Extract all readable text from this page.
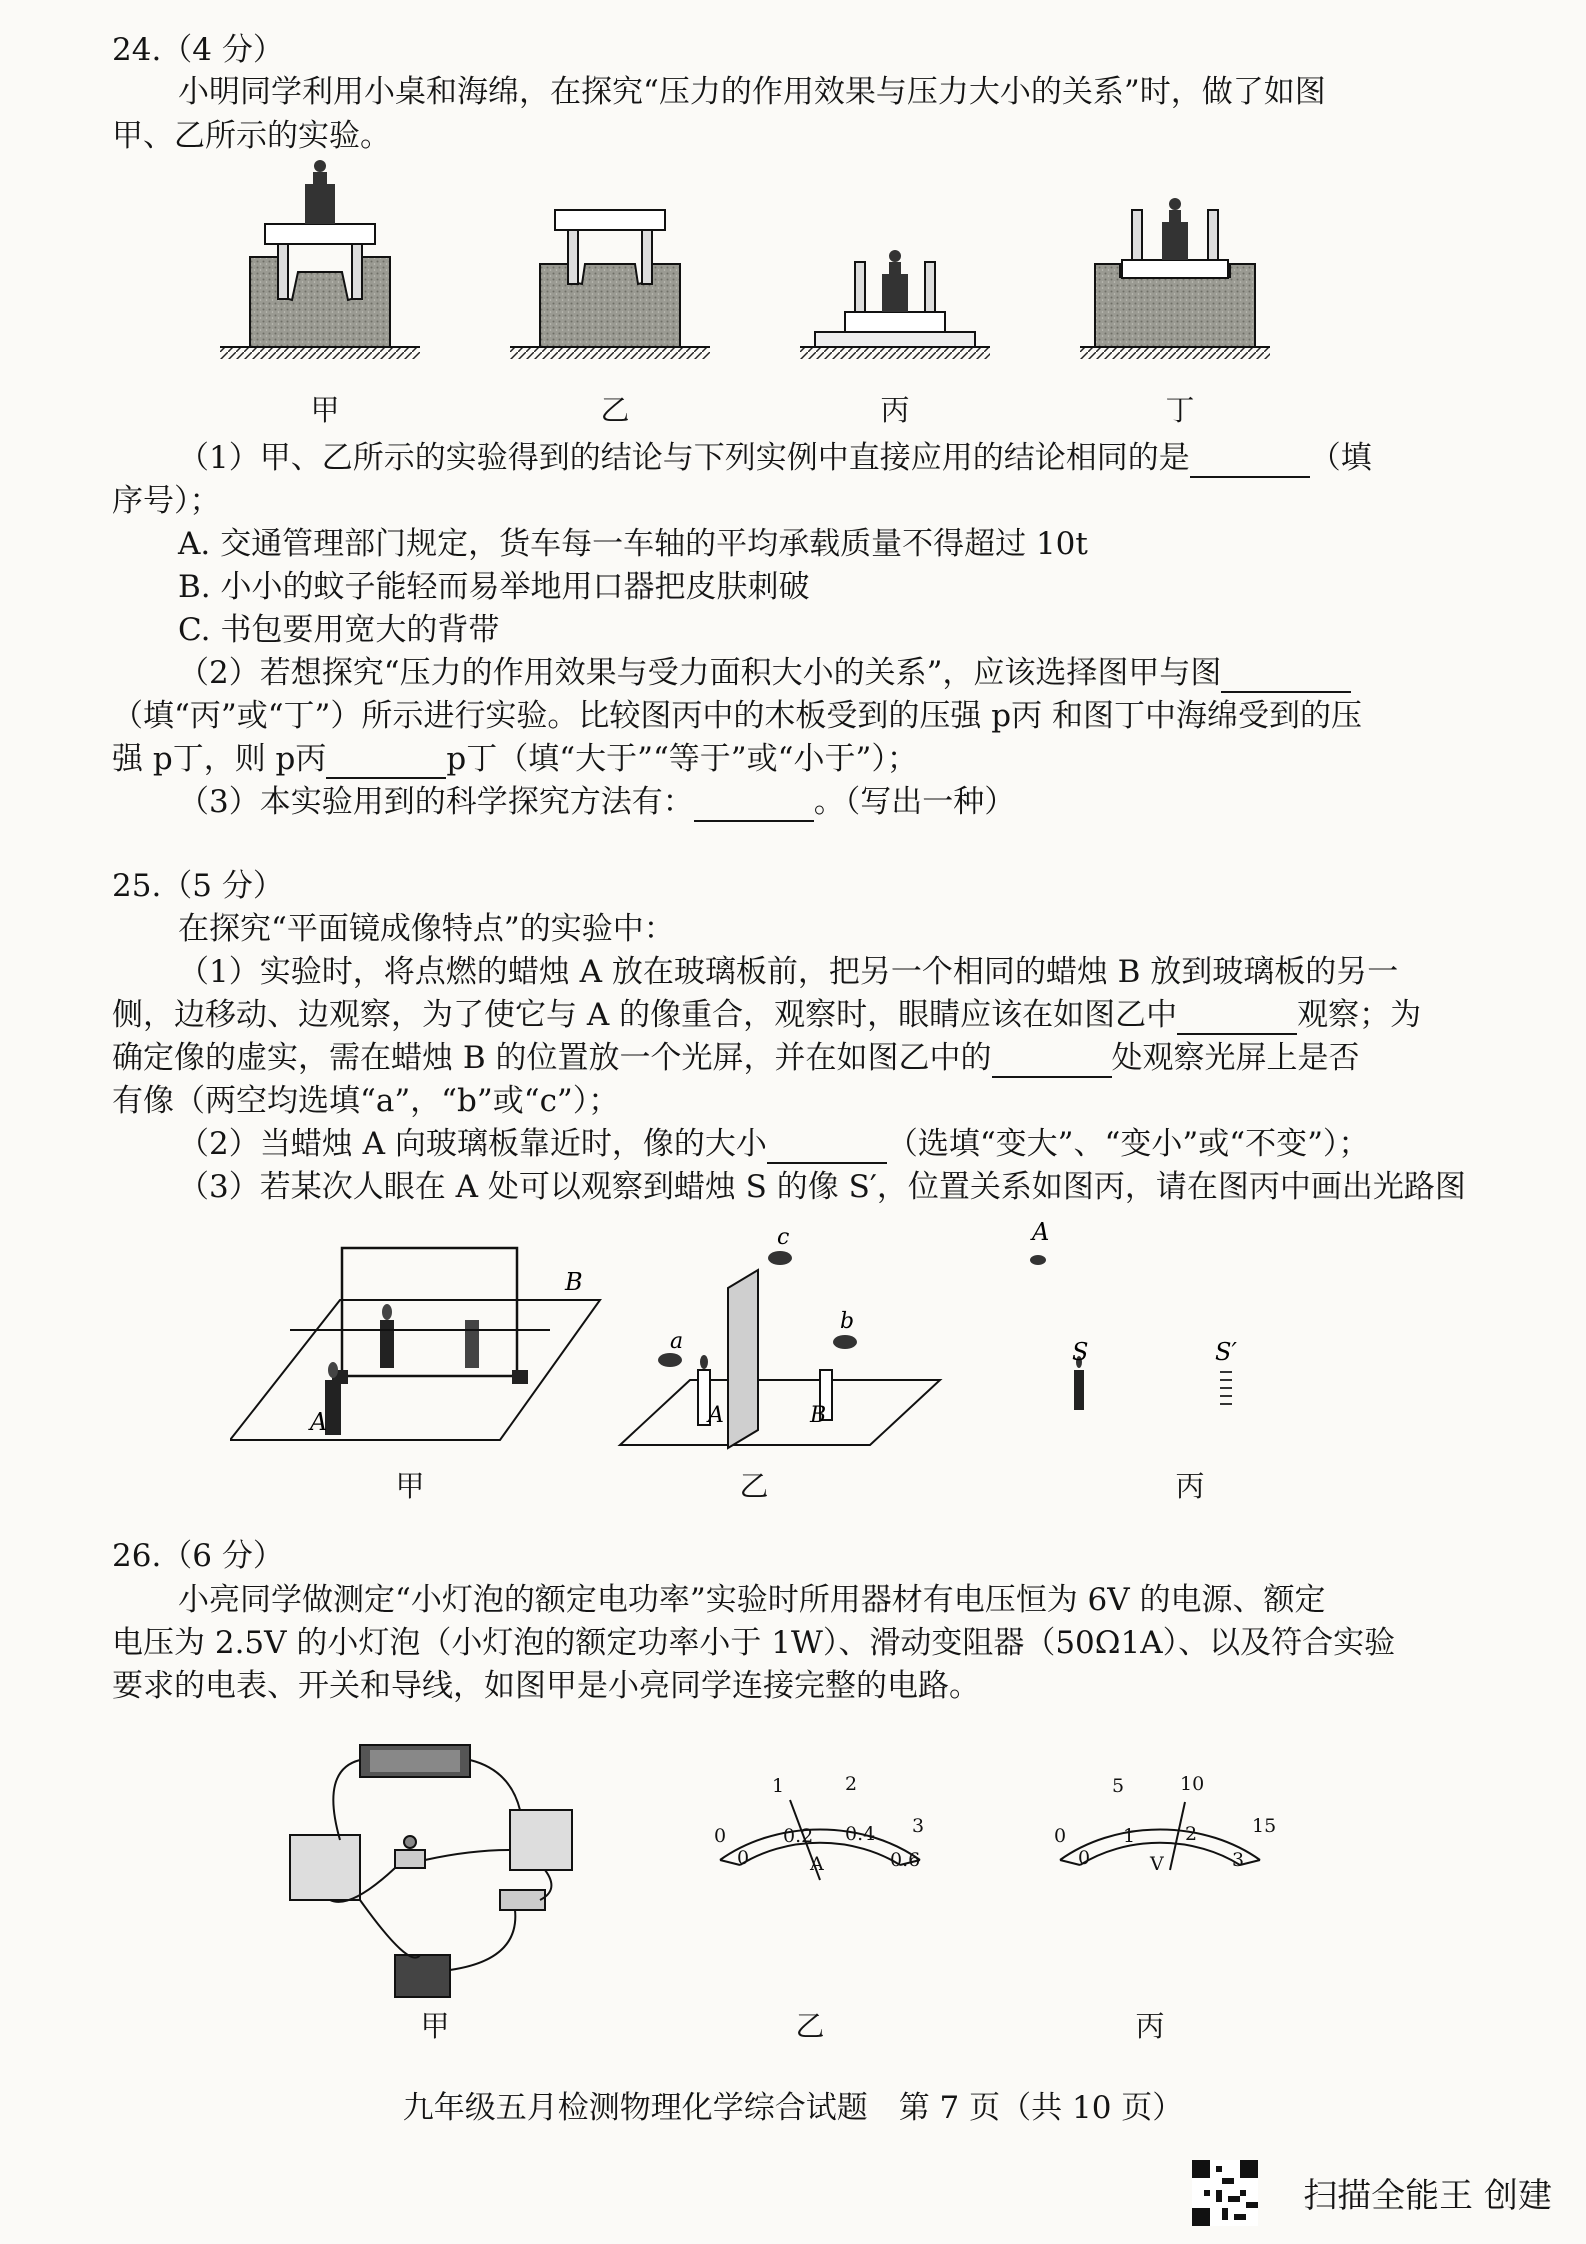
24.（4 分）
小明同学利用小桌和海绵，在探究“压力的作用效果与压力大小的关系”时，做了如图
甲、乙所示的实验。
甲	乙	丙	丁
（1）甲、乙所示的实验得到的结论与下列实例中直接应用的结论相同的是	（填
序号）；
A. 交通管理部门规定，货车每一车轴的平均承载质量不得超过 10t
B. 小小的蚊子能轻而易举地用口器把皮肤刺破
C. 书包要用宽大的背带
（2）若想探究“压力的作用效果与受力面积大小的关系”，应该选择图甲与图
（填“丙”或“丁”）所示进行实验。比较图丙中的木板受到的压强 p丙 和图丁中海绵受到的压
强 p丁，则 p丙	p丁（填“大于”“等于”或“小于”）；
（3）本实验用到的科学探究方法有：	。（写出一种）
25.（5 分）
在探究“平面镜成像特点”的实验中：
（1）实验时，将点燃的蜡烛 A 放在玻璃板前，把另一个相同的蜡烛 B 放到玻璃板的另一
侧，边移动、边观察，为了使它与 A 的像重合，观察时，眼睛应该在如图乙中	观察；为
确定像的虚实，需在蜡烛 B 的位置放一个光屏，并在如图乙中的	处观察光屏上是否
有像（两空均选填“a”，“b”或“c”）；
（2）当蜡烛 A 向玻璃板靠近时，像的大小	（选填“变大”、“变小”或“不变”）；
（3）若某次人眼在 A 处可以观察到蜡烛 S 的像 S′，位置关系如图丙，请在图丙中画出光路图
B
A
a
b
c
A	B
A
S	S′
甲	乙	丙
26.（6 分）
小亮同学做测定“小灯泡的额定电功率”实验时所用器材有电压恒为 6V 的电源、额定
电压为 2.5V 的小灯泡（小灯泡的额定功率小于 1W）、滑动变阻器（50Ω1A）、以及符合实验
要求的电表、开关和导线，如图甲是小亮同学连接完整的电路。
0
1	2
3
0
0.2 0.4
0.6
A
0
5	10
15
0
1	2
3
V
甲	乙	丙
九年级五月检测物理化学综合试题　第 7 页（共 10 页）
扫描全能王 创建
